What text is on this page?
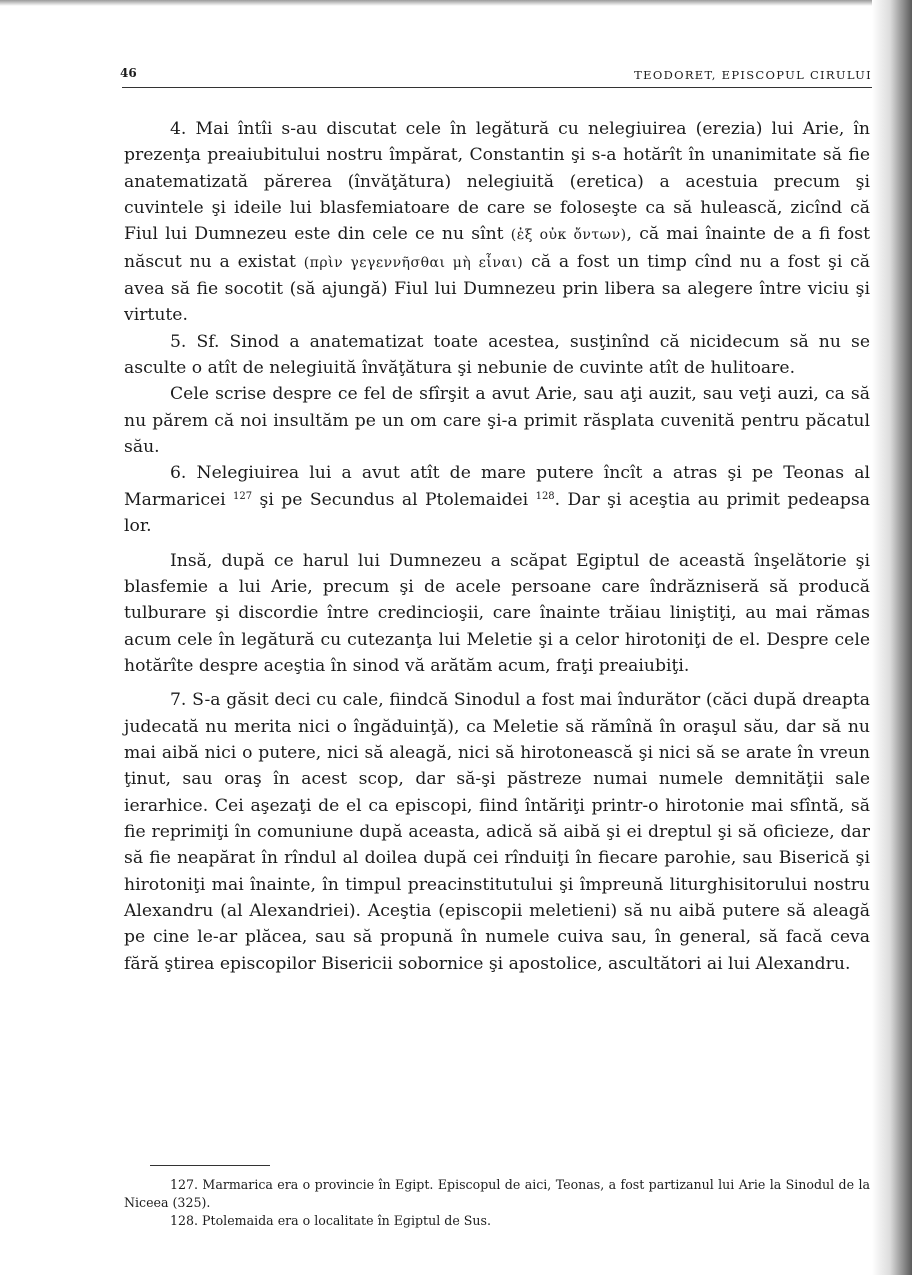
46	TEODORET, EPISCOPUL CIRULUI

4. Mai întîi s-au discutat cele în legătură cu nelegiuirea (erezia) lui Arie, în prezenţa preaiubitului nostru împărat, Constantin şi s-a hotărît în unanimitate să fie anatematizată părerea (învăţătura) nelegiuită (eretica) a acestuia precum şi cuvintele şi ideile lui blasfemiatoare de care se foloseşte ca să hulească, zicînd că Fiul lui Dumnezeu este din cele ce nu sînt (ἐξ οὐκ ὄντων), că mai înainte de a fi fost născut nu a existat (πρὶν γεγεννῆσθαι μὴ εἶναι) că a fost un timp cînd nu a fost şi că avea să fie socotit (să ajungă) Fiul lui Dumnezeu prin libera sa alegere între viciu şi virtute.

5. Sf. Sinod a anatematizat toate acestea, susţinînd că nicidecum să nu se asculte o atît de nelegiuită învăţătura şi nebunie de cuvinte atît de hulitoare.

Cele scrise despre ce fel de sfîrşit a avut Arie, sau aţi auzit, sau veţi auzi, ca să nu părem că noi insultăm pe un om care şi-a primit răsplata cuvenită pentru păcatul său.

6. Nelegiuirea lui a avut atît de mare putere încît a atras şi pe Teonas al Marmaricei $^{127}$ şi pe Secundus al Ptolemaidei $^{128}$. Dar şi aceştia au primit pedeapsa lor.

Insă, după ce harul lui Dumnezeu a scăpat Egiptul de această înşelătorie şi blasfemie a lui Arie, precum şi de acele persoane care îndrăzniseră să producă tulburare şi discordie între credincioşii, care înainte trăiau liniştiţi, au mai rămas acum cele în legătură cu cutezanţa lui Meletie şi a celor hirotoniţi de el. Despre cele hotărîte despre aceştia în sinod vă arătăm acum, fraţi preaiubiţi.

7. S-a găsit deci cu cale, fiindcă Sinodul a fost mai îndurător (căci după dreapta judecată nu merita nici o îngăduinţă), ca Meletie să rămînă în oraşul său, dar să nu mai aibă nici o putere, nici să aleagă, nici să hirotonească şi nici să se arate în vreun ţinut, sau oraş în acest scop, dar să-şi păstreze numai numele demnităţii sale ierarhice. Cei aşezaţi de el ca episcopi, fiind întăriţi printr-o hirotonie mai sfîntă, să fie reprimiţi în comuniune după aceasta, adică să aibă şi ei dreptul şi să oficieze, dar să fie neapărat în rîndul al doilea după cei rînduiţi în fiecare parohie, sau Biserică şi hirotoniţi mai înainte, în timpul preacinstitutului şi împreună liturghisitorului nostru Alexandru (al Alexandriei). Aceştia (episcopii meletieni) să nu aibă putere să aleagă pe cine le-ar plăcea, sau să propună în numele cuiva sau, în general, să facă ceva fără ştirea episcopilor Bisericii sobornice şi apostolice, ascultători ai lui Alexandru.

127. Marmarica era o provincie în Egipt. Episcopul de aici, Teonas, a fost partizanul lui Arie la Sinodul de la Niceea (325).

128. Ptolemaida era o localitate în Egiptul de Sus.
